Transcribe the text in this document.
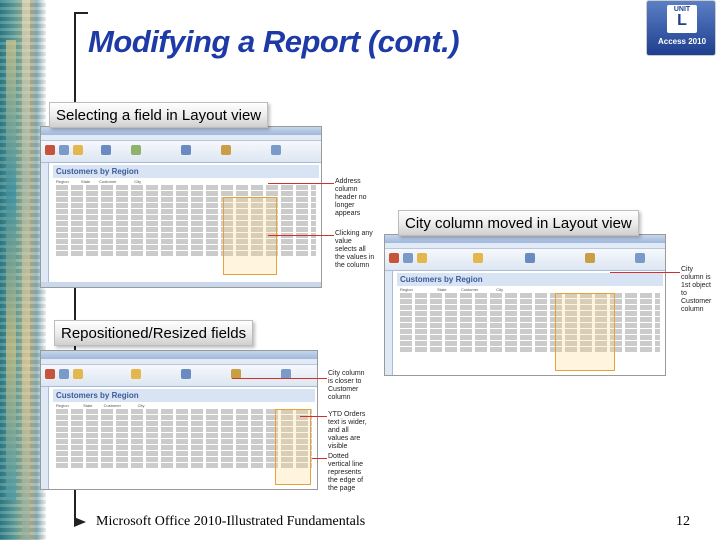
Modifying a Report (cont.)
UNIT
L
Access 2010
Customers by Region
Region	State Customer	City
Selecting a field in Layout view
Address column header no longer appears
Clicking any value selects all the values in the column
Customers by Region
Region	State	Customer	City
City column moved in Layout view
City column is 1st object to Customer column
Customers by Region
Region	State	Customer	City
Repositioned/Resized fields
City column is closer to Customer column
YTD Orders text is wider, and all values are visible
Dotted vertical line represents the edge of the page
Microsoft Office 2010-Illustrated Fundamentals	12
